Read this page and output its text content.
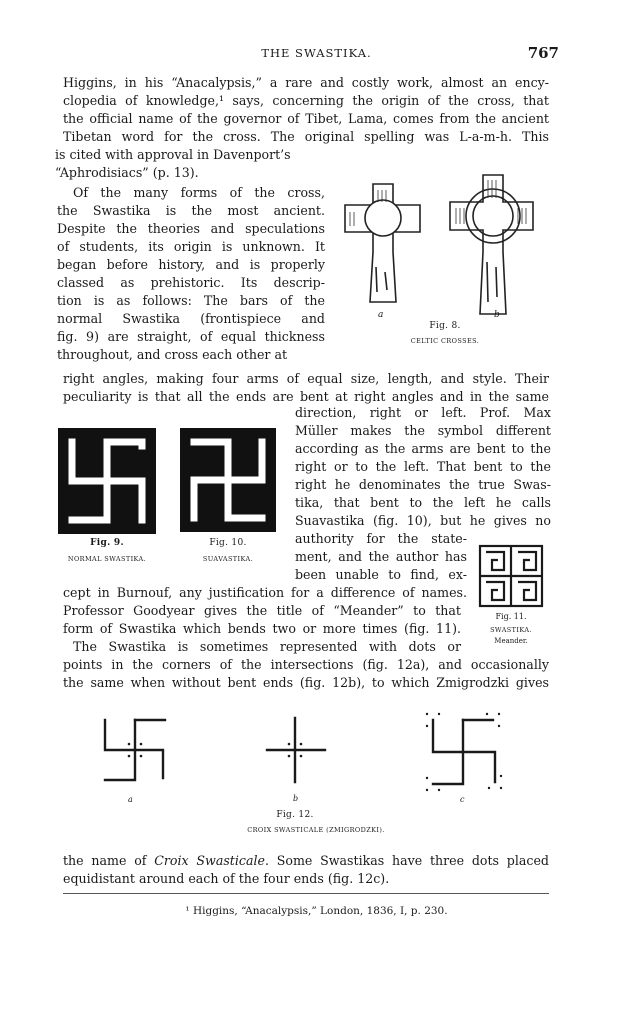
THE SWASTIKA.	767
Higgins, in his “Anacalypsis,” a rare and costly work, almost an ency-
clopedia of knowledge,¹ says, concerning the origin of the cross, that
the official name of the governor of Tibet, Lama, comes from the ancient
Tibetan word for the cross. The original spelling was L-a-m-h. This
is cited with approval in Davenport’s
“Aphrodisiacs” (p. 13).
Of the many forms of the cross,
the Swastika is the most ancient.
Despite the theories and speculations
of students, its origin is unknown. It
began before history, and is properly
classed as prehistoric. Its descrip-
tion is as follows: The bars of the
normal Swastika (frontispiece and
fig. 9) are straight, of equal thickness
throughout, and cross each other at
a	b
Fig. 8.
CELTIC CROSSES.
right angles, making four arms of equal size, length, and style. Their
peculiarity is that all the ends are bent at right angles and in the same
Fig. 9.
NORMAL SWASTIKA.
Fig. 10.
SUAVASTIKA.
direction, right or left. Prof. Max
Müller makes the symbol different
according as the arms are bent to the
right or to the left. That bent to the
right he denominates the true Swas-
tika, that bent to the left he calls
Suavastika (fig. 10), but he gives no
authority for the state-
ment, and the author has
been unable to find, ex-
Fig. 11.
SWASTIKA.
Meander.
cept in Burnouf, any justification for a difference of names.
Professor Goodyear gives the title of “Meander” to that
form of Swastika which bends two or more times (fig. 11).
The Swastika is sometimes represented with dots or
points in the corners of the intersections (fig. 12a), and occasionally
the same when without bent ends (fig. 12b), to which Zmigrodzki gives
a	b	c
Fig. 12.
CROIX SWASTICALE (ZMIGRODZKI).
the name of Croix Swasticale. Some Swastikas have three dots placed
equidistant around each of the four ends (fig. 12c).
¹ Higgins, “Anacalypsis,” London, 1836, I, p. 230.
